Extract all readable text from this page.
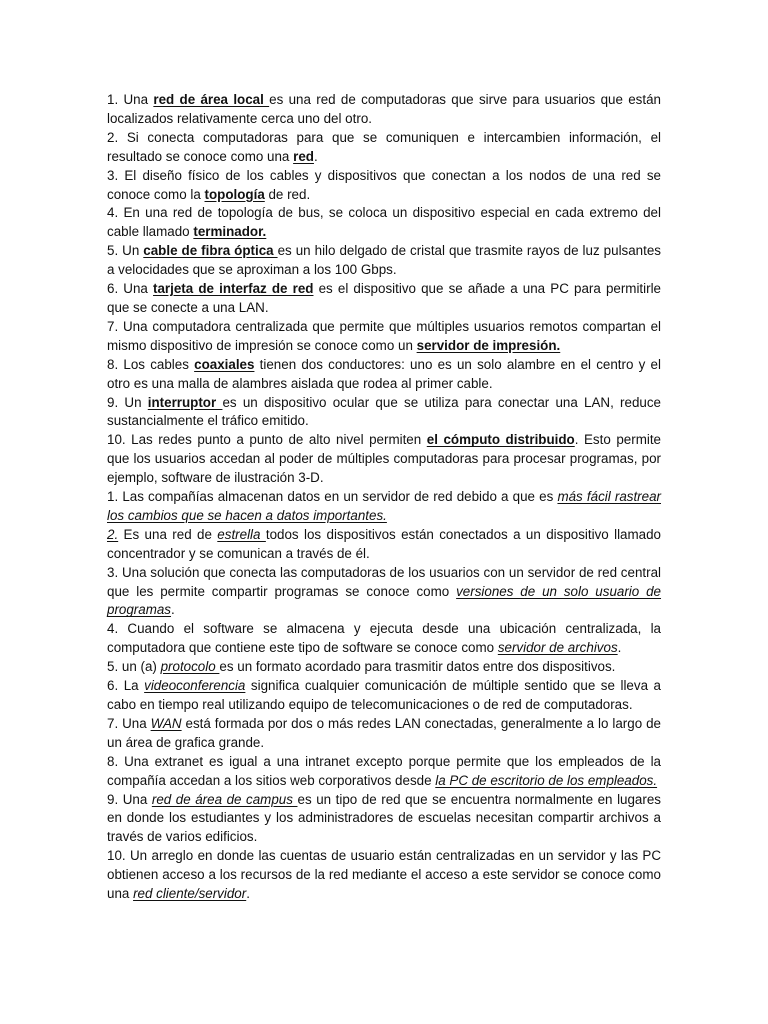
1. Una red de área local es una red de computadoras que sirve para usuarios que están localizados relativamente cerca uno del otro.

2. Si conecta computadoras para que se comuniquen e intercambien información, el resultado se conoce como una red.

3. El diseño físico de los cables y dispositivos que conectan a los nodos de una red se conoce como la topología de red.

4. En una red de topología de bus, se coloca un dispositivo especial en cada extremo del cable llamado terminador.

5. Un cable de fibra óptica es un hilo delgado de cristal que trasmite rayos de luz pulsantes a velocidades que se aproximan a los 100 Gbps.

6. Una tarjeta de interfaz de red es el dispositivo que se añade a una PC para permitirle que se conecte a una LAN.

7. Una computadora centralizada que permite que múltiples usuarios remotos compartan el mismo dispositivo de impresión se conoce como un servidor de impresión.

8. Los cables coaxiales tienen dos conductores: uno es un solo alambre en el centro y el otro es una malla de alambres aislada que rodea al primer cable.

9. Un interruptor es un dispositivo ocular que se utiliza para conectar una LAN, reduce sustancialmente el tráfico emitido.

10. Las redes punto a punto de alto nivel permiten el cómputo distribuido. Esto permite que los usuarios accedan al poder de múltiples computadoras para procesar programas, por ejemplo, software de ilustración 3-D.

1. Las compañías almacenan datos en un servidor de red debido a que es más fácil rastrear los cambios que se hacen a datos importantes.

2. Es una red de estrella todos los dispositivos están conectados a un dispositivo llamado concentrador y se comunican a través de él.

3. Una solución que conecta las computadoras de los usuarios con un servidor de red central que les permite compartir programas se conoce como versiones de un solo usuario de programas.

4. Cuando el software se almacena y ejecuta desde una ubicación centralizada, la computadora que contiene este tipo de software se conoce como servidor de archivos.

5. un (a) protocolo es un formato acordado para trasmitir datos entre dos dispositivos.

6. La videoconferencia significa cualquier comunicación de múltiple sentido que se lleva a cabo en tiempo real utilizando equipo de telecomunicaciones o de red de computadoras.

7. Una WAN está formada por dos o más redes LAN conectadas, generalmente a lo largo de un área de grafica grande.

8. Una extranet es igual a una intranet excepto porque permite que los empleados de la compañía accedan a los sitios web corporativos desde la PC de escritorio de los empleados.

9. Una red de área de campus es un tipo de red que se encuentra normalmente en lugares en donde los estudiantes y los administradores de escuelas necesitan compartir archivos a través de varios edificios.

10. Un arreglo en donde las cuentas de usuario están centralizadas en un servidor y las PC obtienen acceso a los recursos de la red mediante el acceso a este servidor se conoce como una red cliente/servidor.
